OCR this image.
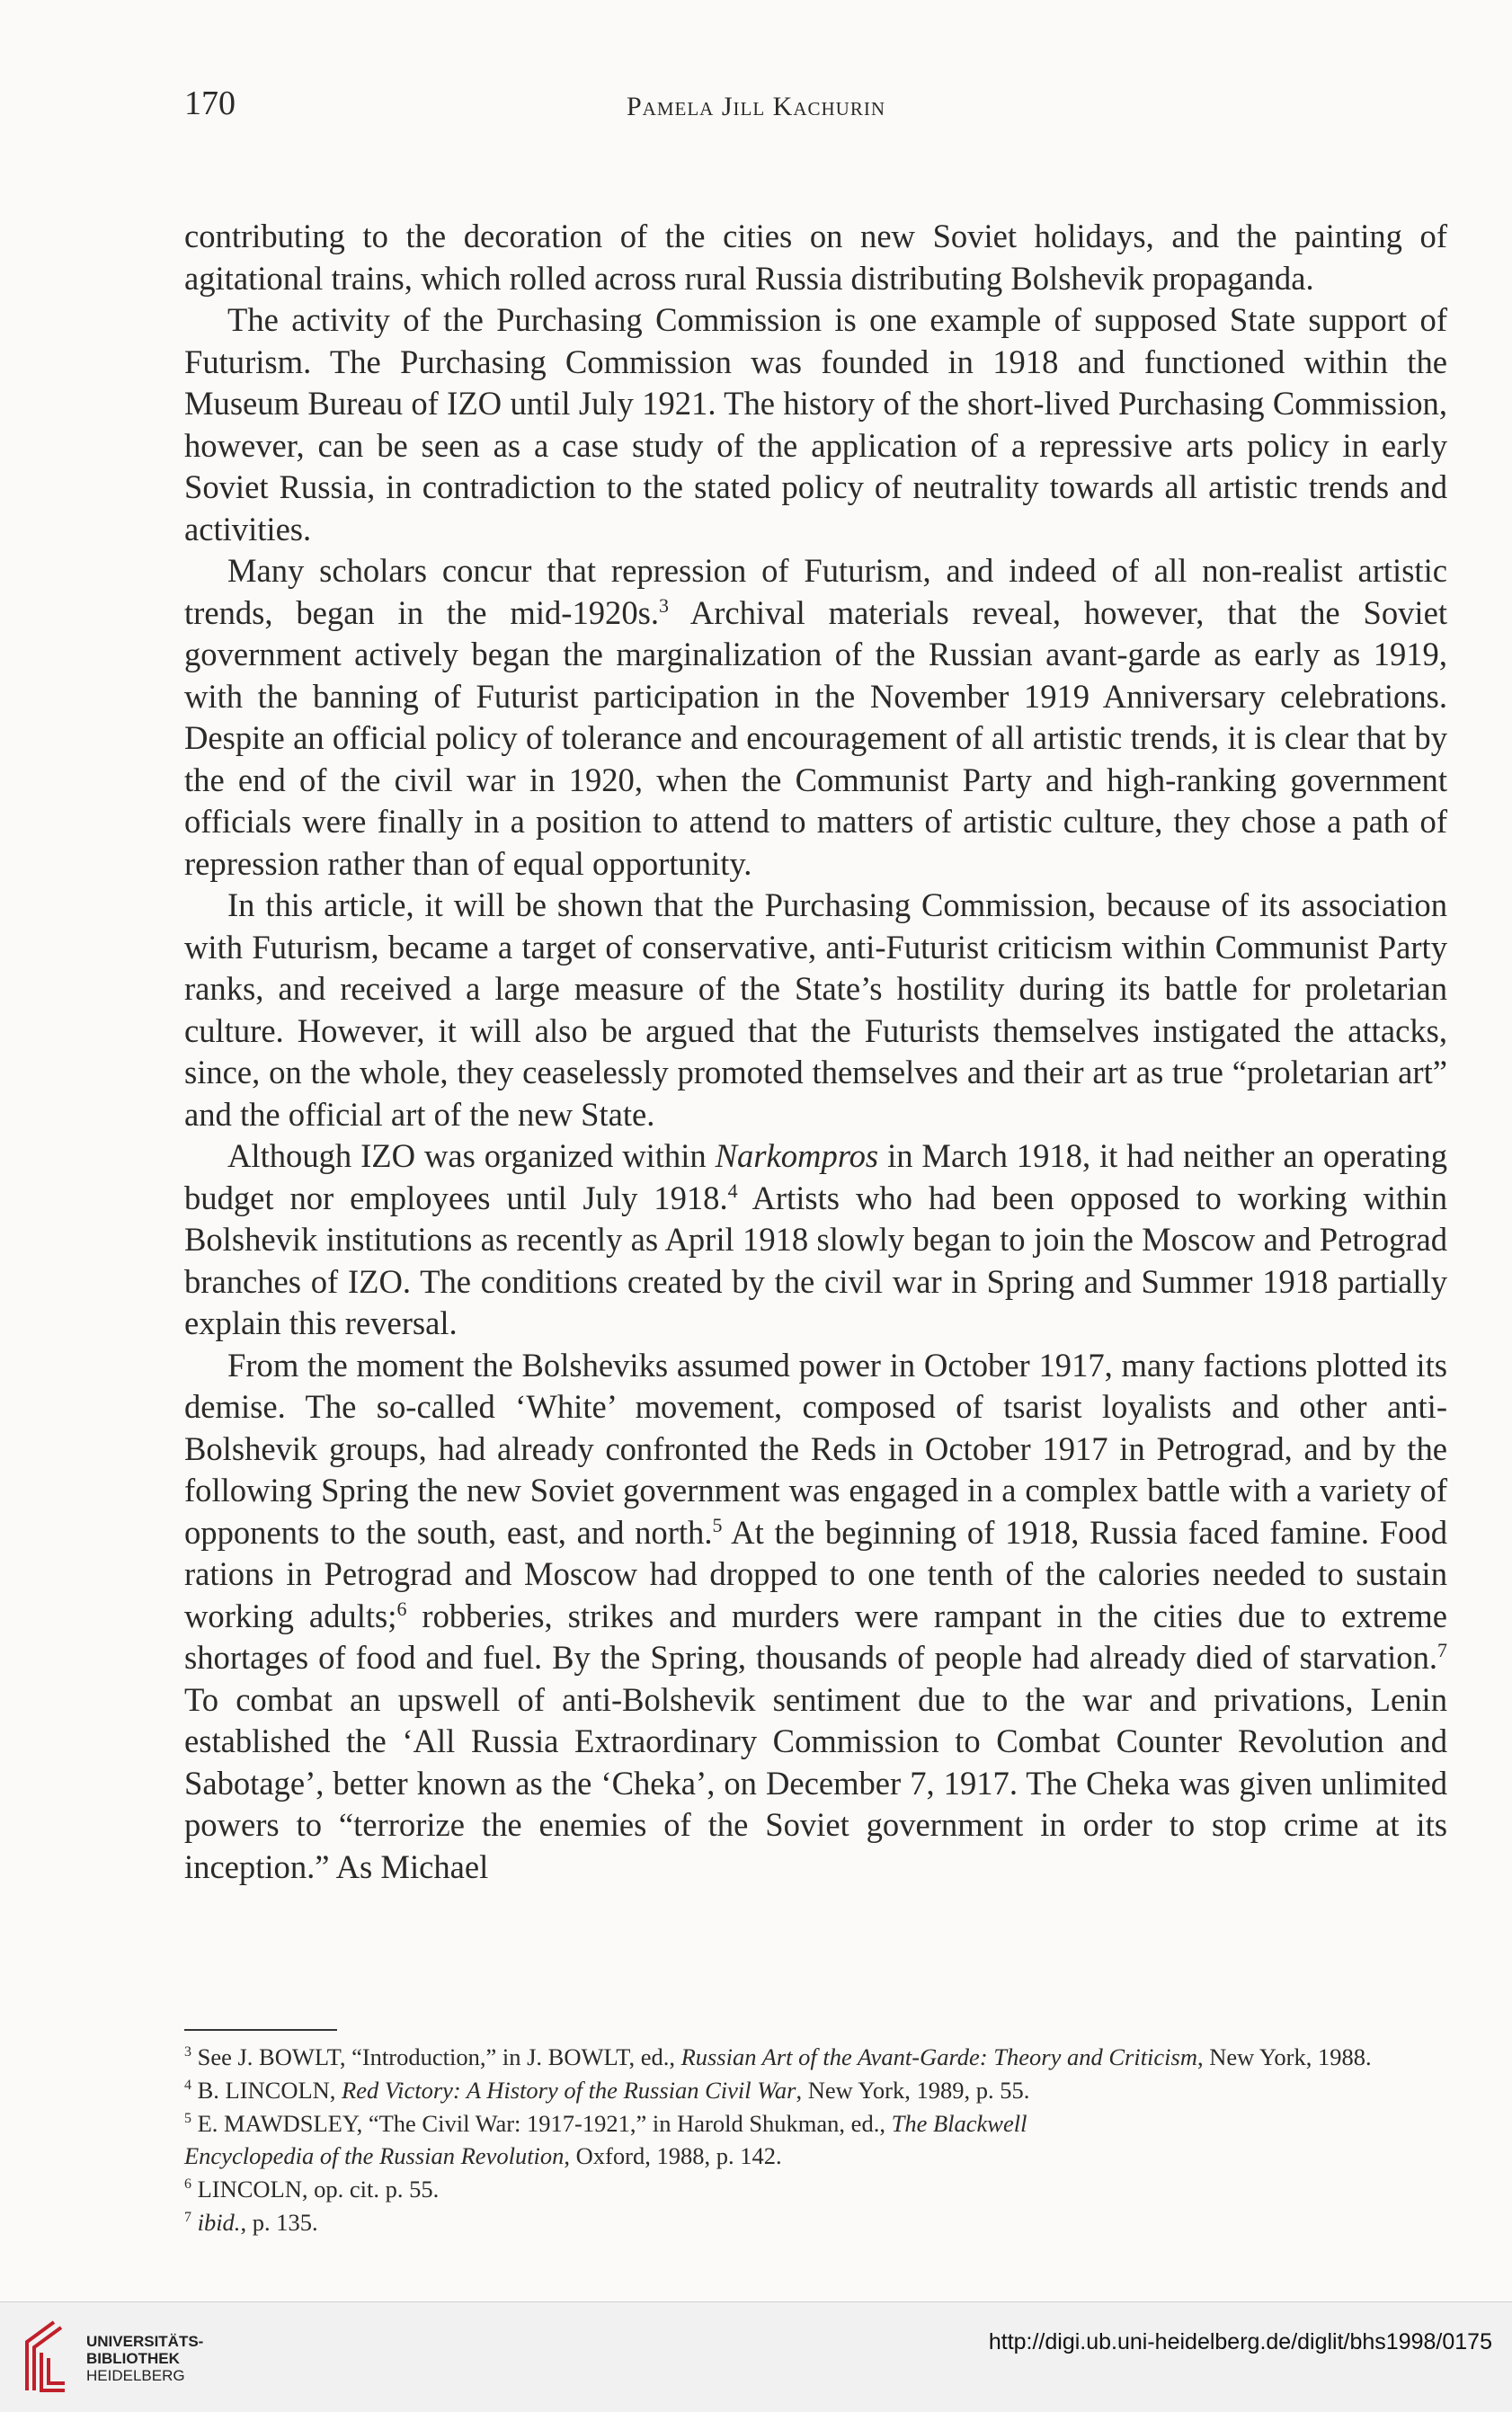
170	Pamela Jill Kachurin

contributing to the decoration of the cities on new Soviet holidays, and the painting of agitational trains, which rolled across rural Russia distributing Bolshevik propaganda.

The activity of the Purchasing Commission is one example of supposed State support of Futurism. The Purchasing Commission was founded in 1918 and functioned within the Museum Bureau of IZO until July 1921. The history of the short-lived Purchasing Commission, however, can be seen as a case study of the application of a repressive arts policy in early Soviet Russia, in contradiction to the stated policy of neutrality towards all artistic trends and activities.

Many scholars concur that repression of Futurism, and indeed of all non-realist artistic trends, began in the mid-1920s.$^3$ Archival materials reveal, however, that the Soviet government actively began the marginalization of the Russian avant-garde as early as 1919, with the banning of Futurist participation in the November 1919 Anniversary celebrations. Despite an official policy of tolerance and encouragement of all artistic trends, it is clear that by the end of the civil war in 1920, when the Communist Party and high-ranking government officials were finally in a position to attend to matters of artistic culture, they chose a path of repression rather than of equal opportunity.

In this article, it will be shown that the Purchasing Commission, because of its association with Futurism, became a target of conservative, anti-Futurist criticism within Communist Party ranks, and received a large measure of the State’s hostility during its battle for proletarian culture. However, it will also be argued that the Futurists themselves instigated the attacks, since, on the whole, they ceaselessly promoted themselves and their art as true “proletarian art” and the official art of the new State.

Although IZO was organized within Narkompros in March 1918, it had neither an operating budget nor employees until July 1918.$^4$ Artists who had been opposed to working within Bolshevik institutions as recently as April 1918 slowly began to join the Moscow and Petrograd branches of IZO. The conditions created by the civil war in Spring and Summer 1918 partially explain this reversal.

From the moment the Bolsheviks assumed power in October 1917, many factions plotted its demise. The so-called ‘White’ movement, composed of tsarist loyalists and other anti-Bolshevik groups, had already confronted the Reds in October 1917 in Petrograd, and by the following Spring the new Soviet government was engaged in a complex battle with a variety of opponents to the south, east, and north.$^5$ At the beginning of 1918, Russia faced famine. Food rations in Petrograd and Moscow had dropped to one tenth of the calories needed to sustain working adults;$^6$ robberies, strikes and murders were rampant in the cities due to extreme shortages of food and fuel. By the Spring, thousands of people had already died of starvation.$^7$ To combat an upswell of anti-Bolshevik sentiment due to the war and privations, Lenin established the ‘All Russia Extraordinary Commission to Combat Counter Revolution and Sabotage’, better known as the ‘Cheka’, on December 7, 1917. The Cheka was given unlimited powers to “terrorize the enemies of the Soviet government in order to stop crime at its inception.” As Michael

$^3$ See J. BOWLT, “Introduction,” in J. BOWLT, ed., Russian Art of the Avant-Garde: Theory and Criticism, New York, 1988.

$^4$ B. LINCOLN, Red Victory: A History of the Russian Civil War, New York, 1989, p. 55.

$^5$ E. MAWDSLEY, “The Civil War: 1917-1921,” in Harold Shukman, ed., The Blackwell
Encyclopedia of the Russian Revolution, Oxford, 1988, p. 142.

$^6$ LINCOLN, op. cit. p. 55.

$^7$ ibid., p. 135.

UNIVERSITÄTS-
BIBLIOTHEK
HEIDELBERG
http://digi.ub.uni-heidelberg.de/diglit/bhs1998/0175
